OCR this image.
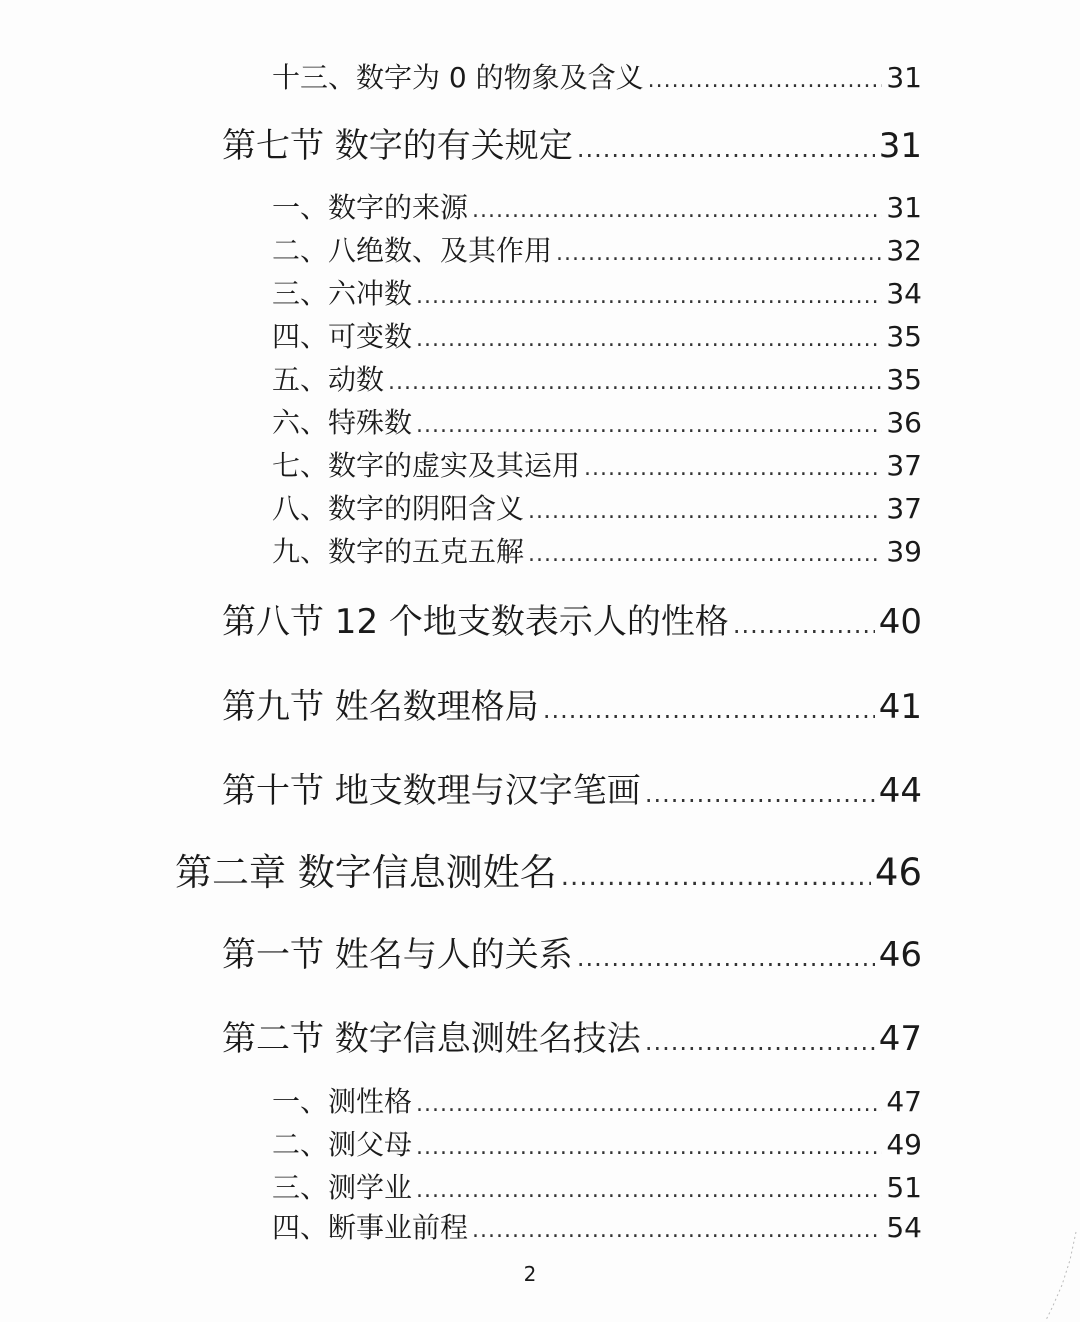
十三、数字为 0 的物象及含义 .....	31
第七节 数字的有关规定 .....	31
一、数字的来源 .....	31
二、八绝数、及其作用 .....	32
三、六冲数 .....	34
四、可变数 .....	35
五、动数 .....	35
六、特殊数 .....	36
七、数字的虚实及其运用 .....	37
八、数字的阴阳含义 .....	37
九、数字的五克五解 .....	39
第八节 12 个地支数表示人的性格 .....	40
第九节 姓名数理格局 .....	41
第十节 地支数理与汉字笔画 .....	44
第二章 数字信息测姓名 .....	46
第一节 姓名与人的关系 .....	46
第二节 数字信息测姓名技法 .....	47
一、测性格 .....	47
二、测父母 .....	49
三、测学业 .....	51
四、断事业前程 .....	54
2
